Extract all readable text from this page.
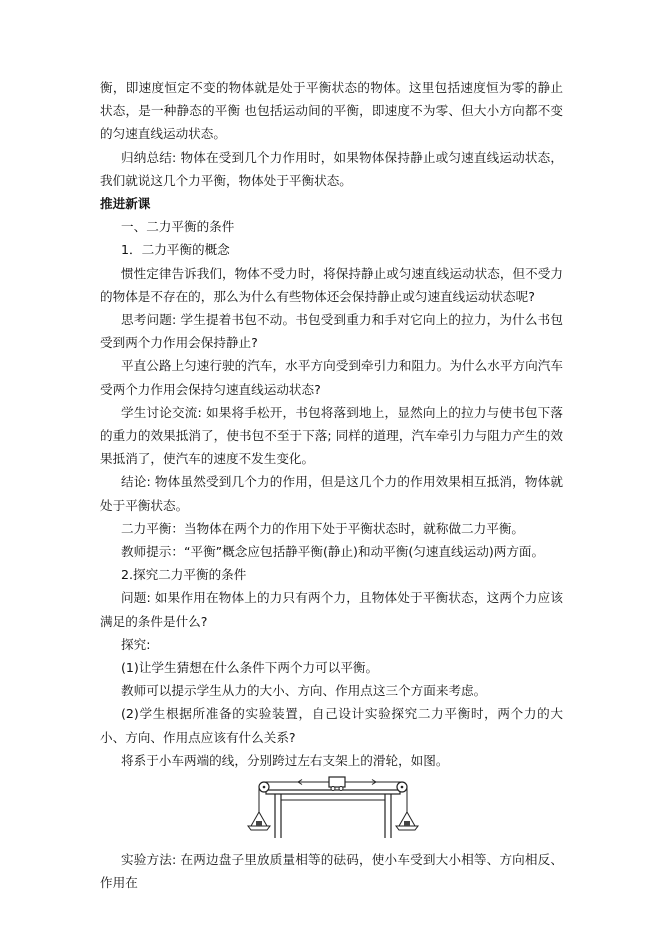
衡，即速度恒定不变的物体就是处于平衡状态的物体。这里包括速度恒为零的静止状态，是一种静态的平衡 也包括运动间的平衡，即速度不为零、但大小方向都不变的匀速直线运动状态。

归纳总结: 物体在受到几个力作用时，如果物体保持静止或匀速直线运动状态，我们就说这几个力平衡，物体处于平衡状态。

推进新课

一、二力平衡的条件

1．二力平衡的概念

惯性定律告诉我们，物体不受力时，将保持静止或匀速直线运动状态，但不受力的物体是不存在的，那么为什么有些物体还会保持静止或匀速直线运动状态呢?

思考问题: 学生提着书包不动。书包受到重力和手对它向上的拉力，为什么书包受到两个力作用会保持静止?

平直公路上匀速行驶的汽车，水平方向受到牵引力和阻力。为什么水平方向汽车受两个力作用会保持匀速直线运动状态?

学生讨论交流: 如果将手松开，书包将落到地上，显然向上的拉力与使书包下落的重力的效果抵消了，使书包不至于下落; 同样的道理，汽车牵引力与阻力产生的效果抵消了，使汽车的速度不发生变化。

结论: 物体虽然受到几个力的作用，但是这几个力的作用效果相互抵消，物体就处于平衡状态。

二力平衡：当物体在两个力的作用下处于平衡状态时，就称做二力平衡。

教师提示：“平衡”概念应包括静平衡(静止)和动平衡(匀速直线运动)两方面。

2.探究二力平衡的条件

问题: 如果作用在物体上的力只有两个力，且物体处于平衡状态，这两个力应该满足的条件是什么?

探究:

(1)让学生猜想在什么条件下两个力可以平衡。

教师可以提示学生从力的大小、方向、作用点这三个方面来考虑。

(2)学生根据所准备的实验装置，自己设计实验探究二力平衡时，两个力的大小、方向、作用点应该有什么关系?

将系于小车两端的线，分别跨过左右支架上的滑轮，如图。

实验方法: 在两边盘子里放质量相等的砝码，使小车受到大小相等、方向相反、作用在
